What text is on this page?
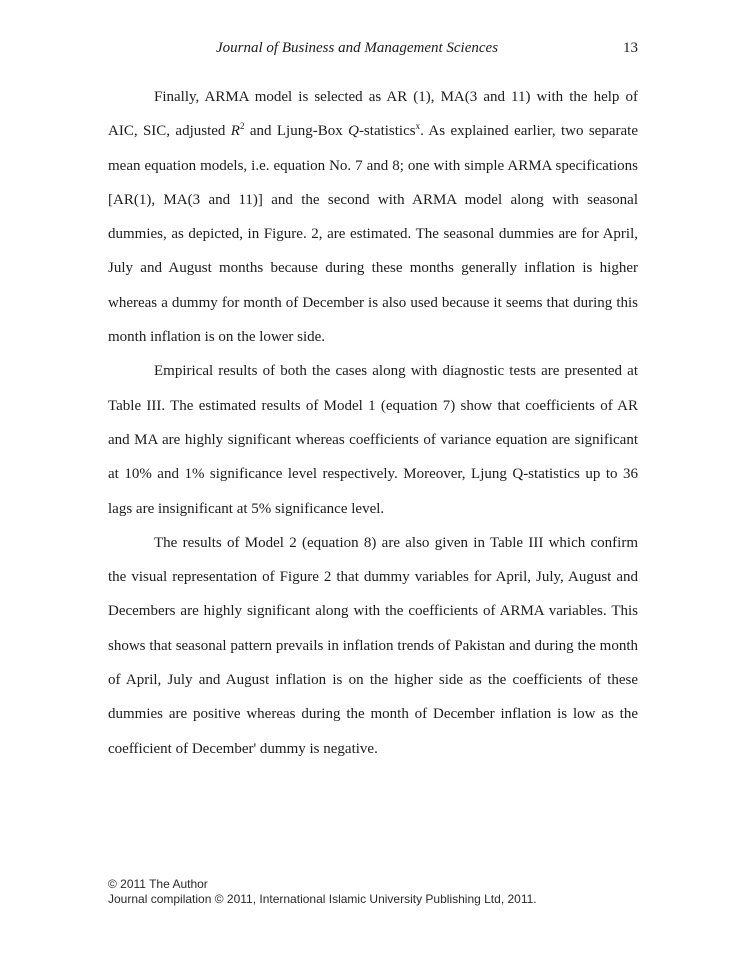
Journal of Business and Management Sciences	13

Finally, ARMA model is selected as AR (1), MA(3 and 11) with the help of AIC, SIC, adjusted $R^2$ and Ljung-Box Q-statistics$^x$. As explained earlier, two separate mean equation models, i.e. equation No. 7 and 8; one with simple ARMA specifications [AR(1), MA(3 and 11)] and the second with ARMA model along with seasonal dummies, as depicted, in Figure. 2, are estimated. The seasonal dummies are for April, July and August months because during these months generally inflation is higher whereas a dummy for month of December is also used because it seems that during this month inflation is on the lower side.

Empirical results of both the cases along with diagnostic tests are presented at Table III. The estimated results of Model 1 (equation 7) show that coefficients of AR and MA are highly significant whereas coefficients of variance equation are significant at 10% and 1% significance level respectively. Moreover, Ljung Q-statistics up to 36 lags are insignificant at 5% significance level.

The results of Model 2 (equation 8) are also given in Table III which confirm the visual representation of Figure 2 that dummy variables for April, July, August and Decembers are highly significant along with the coefficients of ARMA variables. This shows that seasonal pattern prevails in inflation trends of Pakistan and during the month of April, July and August inflation is on the higher side as the coefficients of these dummies are positive whereas during the month of December inflation is low as the coefficient of December' dummy is negative.

© 2011 The Author
Journal compilation © 2011, International Islamic University Publishing Ltd, 2011.
